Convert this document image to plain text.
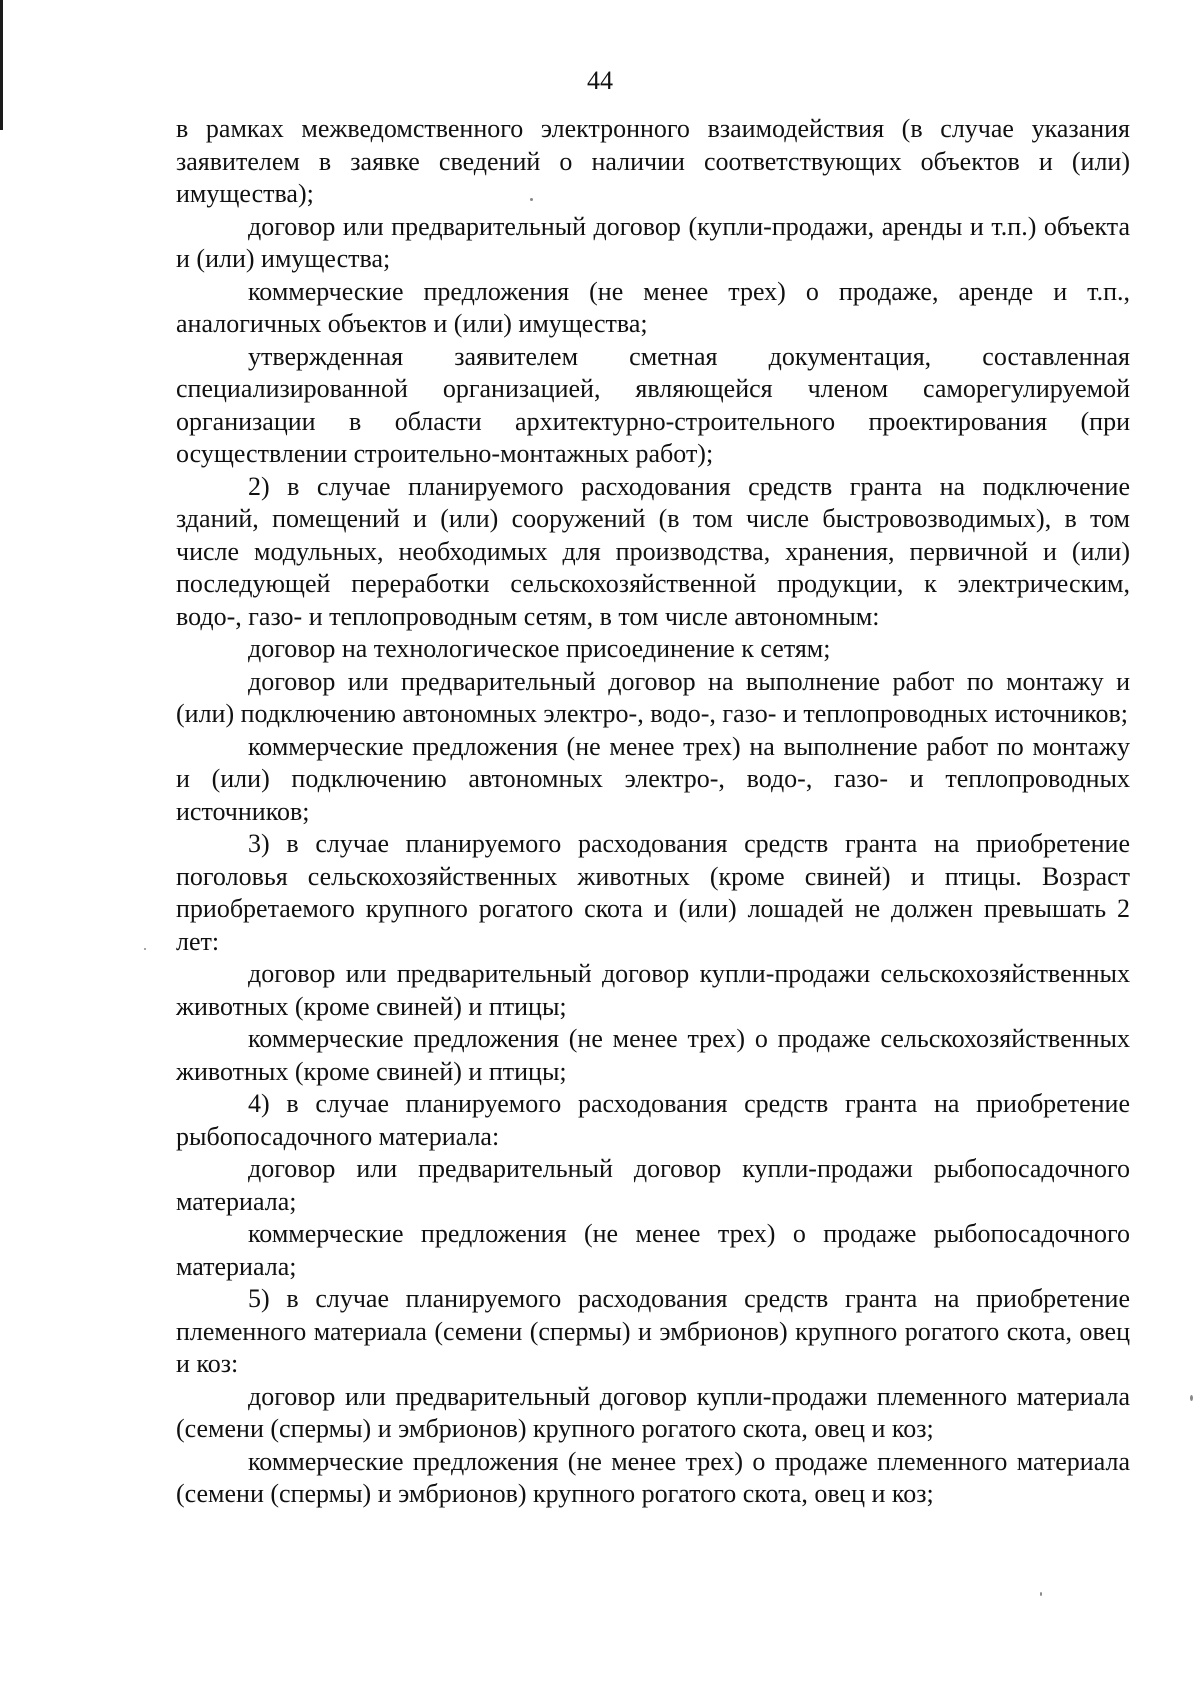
44

в рамках межведомственного электронного взаимодействия (в случае указания заявителем в заявке сведений о наличии соответствующих объектов и (или) имущества);

договор или предварительный договор (купли-продажи, аренды и т.п.) объекта и (или) имущества;

коммерческие предложения (не менее трех) о продаже, аренде и т.п., аналогичных объектов и (или) имущества;

утвержденная заявителем сметная документация, составленная специализированной организацией, являющейся членом саморегулируемой организации в области архитектурно-строительного проектирования (при осуществлении строительно-монтажных работ);

2) в случае планируемого расходования средств гранта на подключение зданий, помещений и (или) сооружений (в том числе быстровозводимых), в том числе модульных, необходимых для производства, хранения, первичной и (или) последующей переработки сельскохозяйственной продукции, к электрическим, водо-, газо- и теплопроводным сетям, в том числе автономным:

договор на технологическое присоединение к сетям;

договор или предварительный договор на выполнение работ по монтажу и (или) подключению автономных электро-, водо-, газо- и теплопроводных источников;

коммерческие предложения (не менее трех) на выполнение работ по монтажу и (или) подключению автономных электро-, водо-, газо- и теплопроводных источников;

3) в случае планируемого расходования средств гранта на приобретение поголовья сельскохозяйственных животных (кроме свиней) и птицы. Возраст приобретаемого крупного рогатого скота и (или) лошадей не должен превышать 2 лет:

договор или предварительный договор купли-продажи сельскохозяйственных животных (кроме свиней) и птицы;

коммерческие предложения (не менее трех) о продаже сельскохозяйственных животных (кроме свиней) и птицы;

4) в случае планируемого расходования средств гранта на приобретение рыбопосадочного материала:

договор или предварительный договор купли-продажи рыбопосадочного материала;

коммерческие предложения (не менее трех) о продаже рыбопосадочного материала;

5) в случае планируемого расходования средств гранта на приобретение племенного материала (семени (спермы) и эмбрионов) крупного рогатого скота, овец и коз:

договор или предварительный договор купли-продажи племенного материала (семени (спермы) и эмбрионов) крупного рогатого скота, овец и коз;

коммерческие предложения (не менее трех) о продаже племенного материала (семени (спермы) и эмбрионов) крупного рогатого скота, овец и коз;
